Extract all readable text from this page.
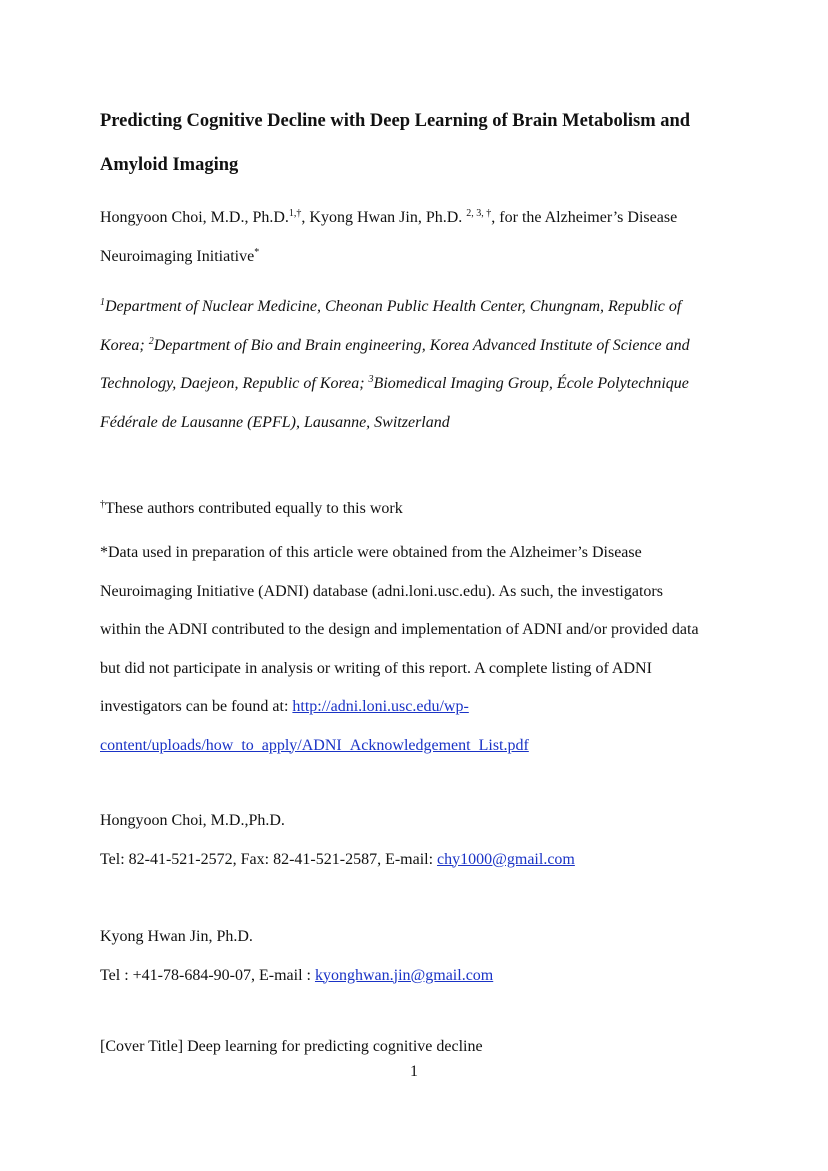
Predicting Cognitive Decline with Deep Learning of Brain Metabolism and Amyloid Imaging
Hongyoon Choi, M.D., Ph.D.$^{1,\dagger}$, Kyong Hwan Jin, Ph.D. $^{2, 3, \dagger}$, for the Alzheimer’s Disease
Neuroimaging Initiative*
$^1$Department of Nuclear Medicine, Cheonan Public Health Center, Chungnam, Republic of
Korea; $^2$Department of Bio and Brain engineering, Korea Advanced Institute of Science and
Technology, Daejeon, Republic of Korea; $^3$Biomedical Imaging Group, École Polytechnique
Fédérale de Lausanne (EPFL), Lausanne, Switzerland
†These authors contributed equally to this work
*Data used in preparation of this article were obtained from the Alzheimer’s Disease
Neuroimaging Initiative (ADNI) database (adni.loni.usc.edu). As such, the investigators
within the ADNI contributed to the design and implementation of ADNI and/or provided data
but did not participate in analysis or writing of this report. A complete listing of ADNI
investigators can be found at: http://adni.loni.usc.edu/wp-
content/uploads/how_to_apply/ADNI_Acknowledgement_List.pdf
Hongyoon Choi, M.D.,Ph.D.
Tel: 82-41-521-2572, Fax: 82-41-521-2587, E-mail: chy1000@gmail.com
Kyong Hwan Jin, Ph.D.
Tel : +41-78-684-90-07, E-mail : kyonghwan.jin@gmail.com
[Cover Title] Deep learning for predicting cognitive decline
1
